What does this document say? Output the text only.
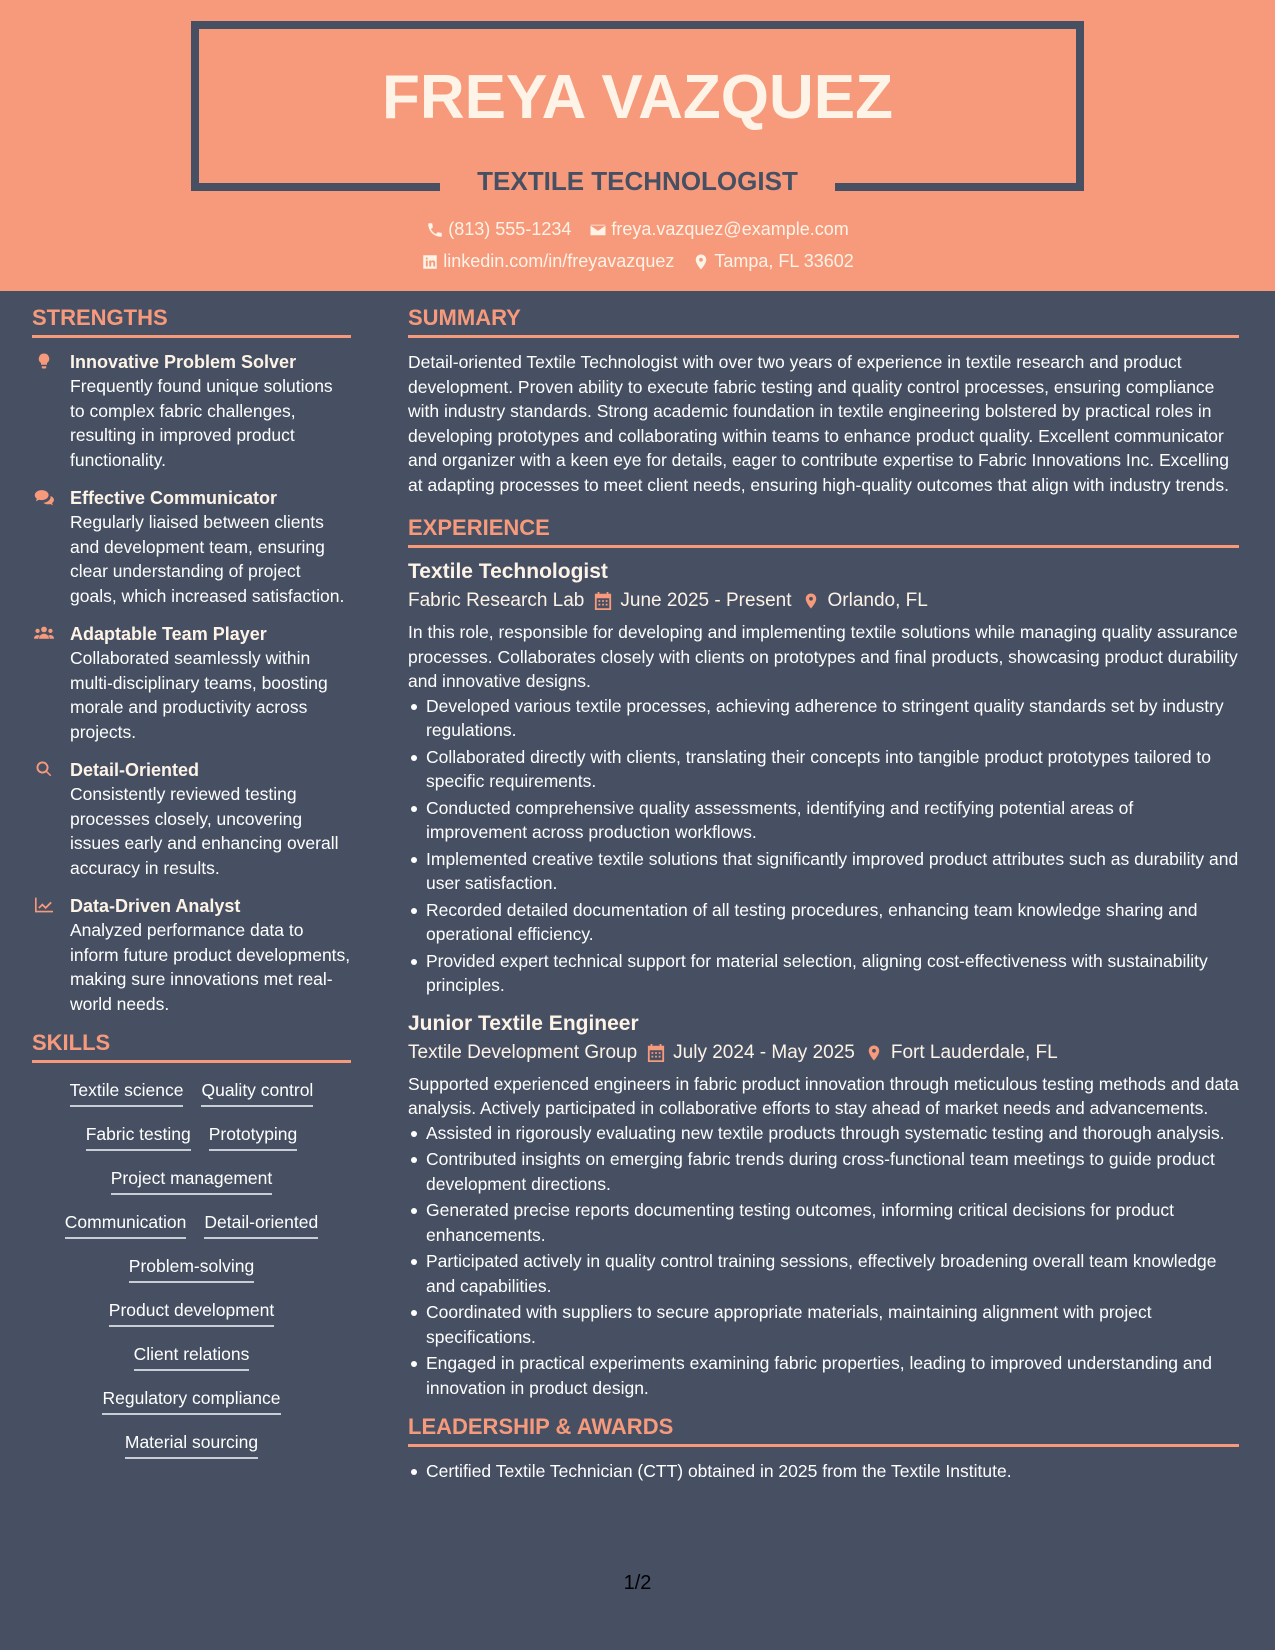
FREYA VAZQUEZ
TEXTILE TECHNOLOGIST
(813) 555-1234 freya.vazquez@example.com
linkedin.com/in/freyavazquez Tampa, FL 33602
STRENGTHS
Innovative Problem Solver
Frequently found unique solutions to complex fabric challenges, resulting in improved product functionality.
Effective Communicator
Regularly liaised between clients and development team, ensuring clear understanding of project goals, which increased satisfaction.
Adaptable Team Player
Collaborated seamlessly within multi-disciplinary teams, boosting morale and productivity across projects.
Detail-Oriented
Consistently reviewed testing processes closely, uncovering issues early and enhancing overall accuracy in results.
Data-Driven Analyst
Analyzed performance data to inform future product developments, making sure innovations met real-world needs.
SKILLS
Textile science Quality control
Fabric testing Prototyping
Project management
Communication Detail-oriented
Problem-solving
Product development
Client relations
Regulatory compliance
Material sourcing
SUMMARY
Detail-oriented Textile Technologist with over two years of experience in textile research and product development. Proven ability to execute fabric testing and quality control processes, ensuring compliance with industry standards. Strong academic foundation in textile engineering bolstered by practical roles in developing prototypes and collaborating within teams to enhance product quality. Excellent communicator and organizer with a keen eye for details, eager to contribute expertise to Fabric Innovations Inc. Excelling at adapting processes to meet client needs, ensuring high-quality outcomes that align with industry trends.
EXPERIENCE
Textile Technologist
Fabric Research Lab June 2025 - Present Orlando, FL
In this role, responsible for developing and implementing textile solutions while managing quality assurance processes. Collaborates closely with clients on prototypes and final products, showcasing product durability and innovative designs.
Developed various textile processes, achieving adherence to stringent quality standards set by industry regulations.
Collaborated directly with clients, translating their concepts into tangible product prototypes tailored to specific requirements.
Conducted comprehensive quality assessments, identifying and rectifying potential areas of improvement across production workflows.
Implemented creative textile solutions that significantly improved product attributes such as durability and user satisfaction.
Recorded detailed documentation of all testing procedures, enhancing team knowledge sharing and operational efficiency.
Provided expert technical support for material selection, aligning cost-effectiveness with sustainability principles.
Junior Textile Engineer
Textile Development Group July 2024 - May 2025 Fort Lauderdale, FL
Supported experienced engineers in fabric product innovation through meticulous testing methods and data analysis. Actively participated in collaborative efforts to stay ahead of market needs and advancements.
Assisted in rigorously evaluating new textile products through systematic testing and thorough analysis.
Contributed insights on emerging fabric trends during cross-functional team meetings to guide product development directions.
Generated precise reports documenting testing outcomes, informing critical decisions for product enhancements.
Participated actively in quality control training sessions, effectively broadening overall team knowledge and capabilities.
Coordinated with suppliers to secure appropriate materials, maintaining alignment with project specifications.
Engaged in practical experiments examining fabric properties, leading to improved understanding and innovation in product design.
LEADERSHIP & AWARDS
Certified Textile Technician (CTT) obtained in 2025 from the Textile Institute.
1/2
